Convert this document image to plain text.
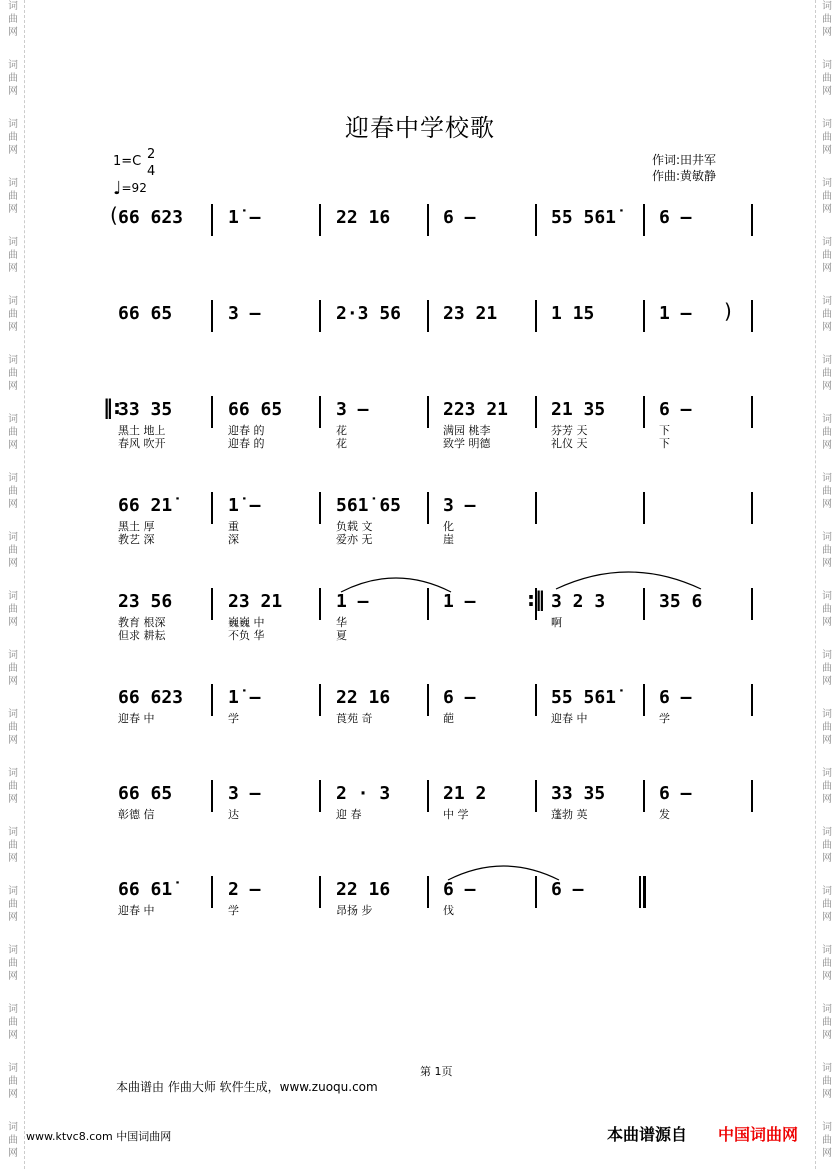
词
曲
网
词
曲
网
词
曲
网
词
曲
网
词
曲
网
词
曲
网
词
曲
网
词
曲
网
词
曲
网
词
曲
网
词
曲
网
词
曲
网
词
曲
网
词
曲
网
词
曲
网
词
曲
网
词
曲
网
词
曲
网
词
曲
网
词
曲
网
词
曲
网
词
曲
网
词
曲
网
词
曲
网
词
曲
网
词
曲
网
词
曲
网
词
曲
网
词
曲
网
词
曲
网
词
曲
网
词
曲
网
词
曲
网
词
曲
网
词
曲
网
词
曲
网
词
曲
网
词
曲
网
词
曲
网
词
曲
网
迎春中学校歌
1=C 2
4
♩=92
作词:田井军
作曲:黄敏静
66 623 1̇ –	22 16	6 –	55 561̇ 6 –
(
66 65	3 –	2·3 56 23 21	1 15	1 – )
33 35	66 65	3 –	223 21 21 35	6 –
黑土 地上	迎春 的	花	满园 桃李	芬芳 天	下
春风 吹开	迎春 的	花	致学 明德	礼仪 天	下
‖:
66 21̇	1̇ –	561̇ 65 3 –
黑土 厚	重	负载 文	化
教艺 深	深	爱亦 无	崖
23 56	23 21	1 –	1 –	3 2 3	35 6
教育 根深	巍巍 中	华	啊
但求 耕耘	不负 华	夏
:‖
66 623 1̇ –	22 16	6 –	55 561̇ 6 –
迎春 中	学	莨苑 奇	葩	迎春 中	学
66 65	3 –	2 · 3	21 2	33 35	6 –
彰德 信	达	迎 春	中 学	蓬勃 英	发
66 61̇	2 –	22 16	6 –	6 –
迎春 中	学	昂扬 步	伐
第 1页
本曲谱由 作曲大师 软件生成，www.zuoqu.com
www.ktvc8.com 中国词曲网	本曲谱源自 中国词曲网
